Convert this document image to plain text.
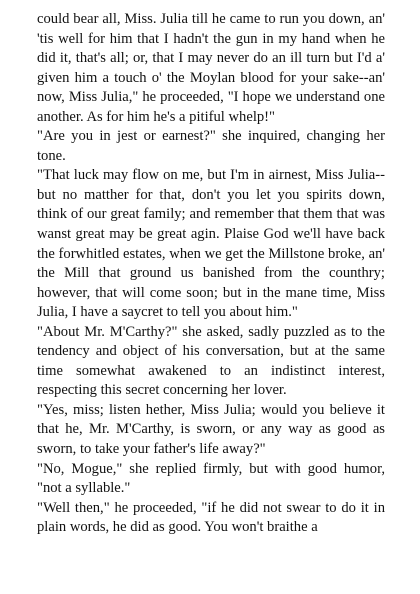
could bear all, Miss. Julia till he came to run you down, an' 'tis well for him that I hadn't the gun in my hand when he did it, that's all; or, that I may never do an ill turn but I'd a' given him a touch o' the Moylan blood for your sake--an' now, Miss Julia," he proceeded, "I hope we understand one another. As for him he's a pitiful whelp!"

"Are you in jest or earnest?" she inquired, changing her tone.

"That luck may flow on me, but I'm in airnest, Miss Julia--but no matther for that, don't you let you spirits down, think of our great family; and remember that them that was wanst great may be great agin. Plaise God we'll have back the forwhitled estates, when we get the Millstone broke, an' the Mill that ground us banished from the counthry; however, that will come soon; but in the mane time, Miss Julia, I have a saycret to tell you about him."

"About Mr. M'Carthy?" she asked, sadly puzzled as to the tendency and object of his conversation, but at the same time somewhat awakened to an indistinct interest, respecting this secret concerning her lover.

"Yes, miss; listen hether, Miss Julia; would you believe it that he, Mr. M'Carthy, is sworn, or any way as good as sworn, to take your father's life away?"

"No, Mogue," she replied firmly, but with good humor, "not a syllable."

"Well then," he proceeded, "if he did not swear to do it in plain words, he did as good. You won't braithe a
